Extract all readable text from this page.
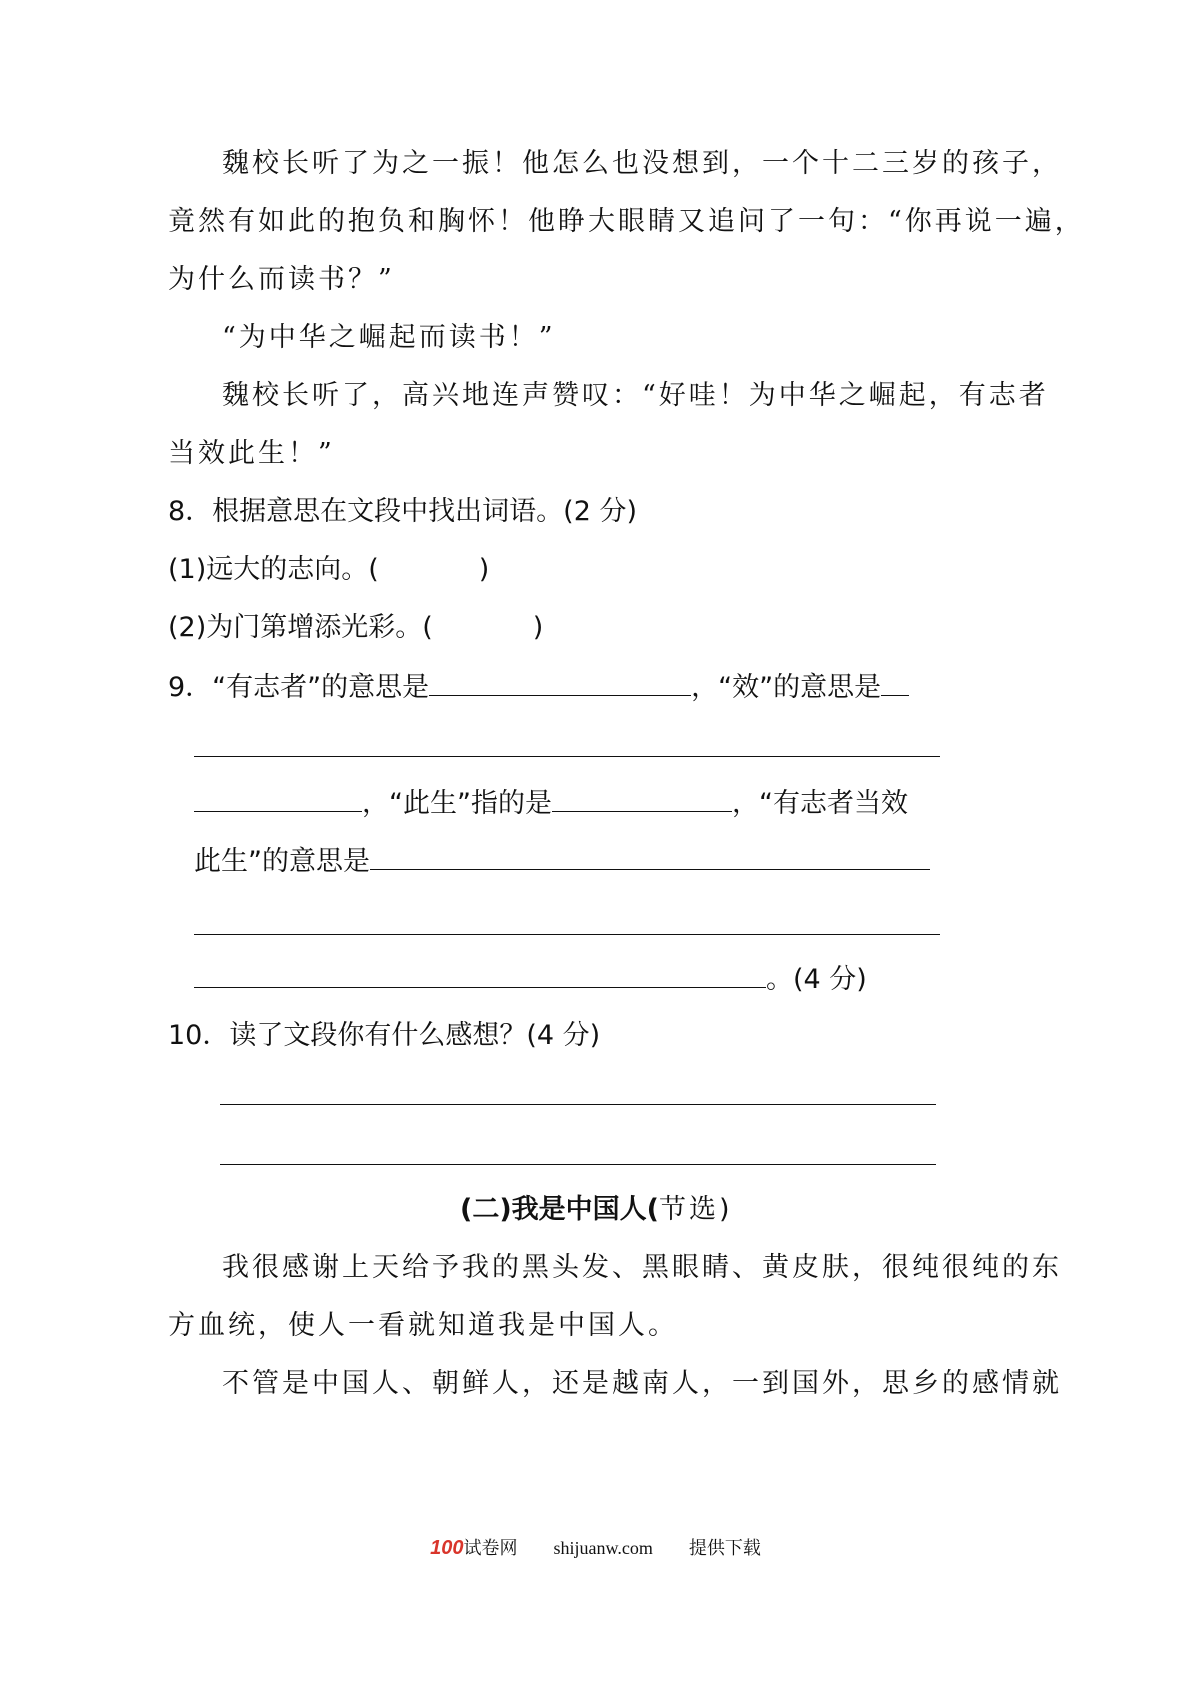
魏校长听了为之一振！他怎么也没想到，一个十二三岁的孩子，
竟然有如此的抱负和胸怀！他睁大眼睛又追问了一句：“你再说一遍，
为什么而读书？”
“为中华之崛起而读书！”
魏校长听了，高兴地连声赞叹：“好哇！为中华之崛起，有志者
当效此生！”
8．根据意思在文段中找出词语。(2 分)
(1)远大的志向。(	)
(2)为门第增添光彩。(	)
9．“有志者”的意思是	，“效”的意思是
，“此生”指的是	，“有志者当效
此生”的意思是
。(4 分)
10．读了文段你有什么感想？(4 分)
(二)我是中国人(节选)
我很感谢上天给予我的黑头发、黑眼睛、黄皮肤，很纯很纯的东
方血统，使人一看就知道我是中国人。
不管是中国人、朝鲜人，还是越南人，一到国外，思乡的感情就
100试卷网 shijuanw.com 提供下载
